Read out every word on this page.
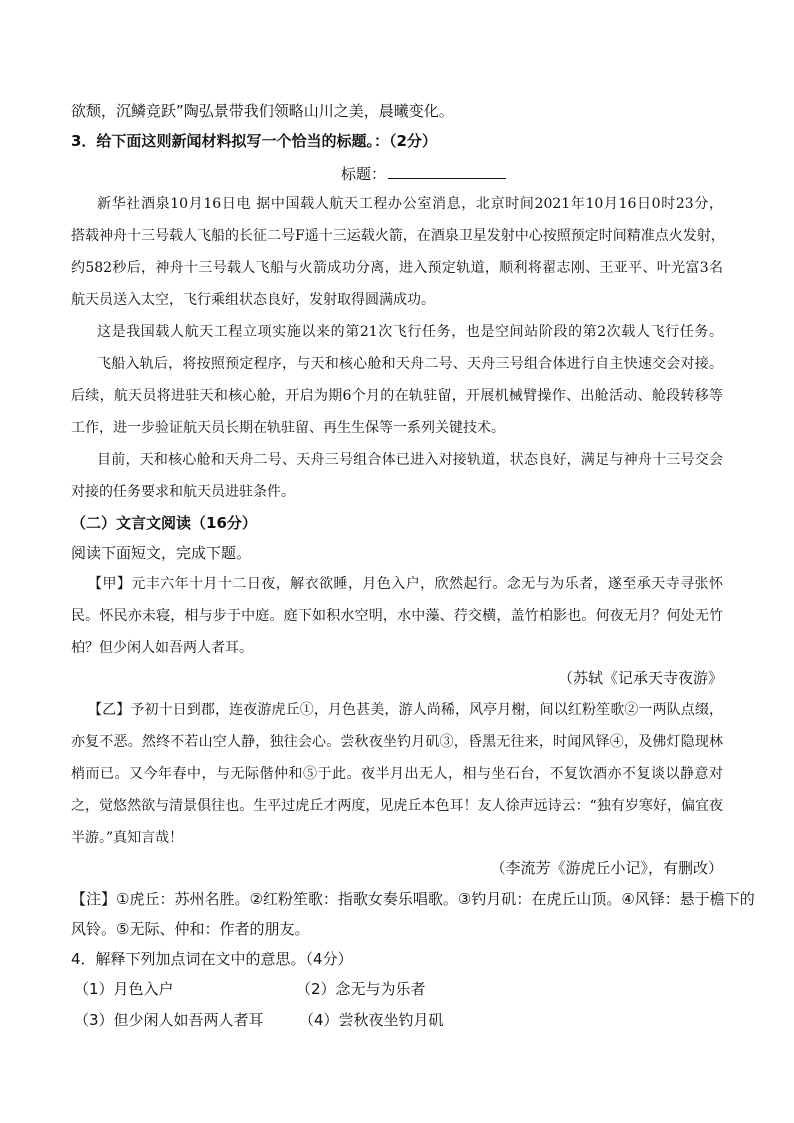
欲颓，沉鳞竞跃”陶弘景带我们领略山川之美，晨曦变化。
3．给下面这则新闻材料拟写一个恰当的标题。：（2分）
标题：
新华社酒泉10月16日电 据中国载人航天工程办公室消息，北京时间2021年10月16日0时23分，
搭载神舟十三号载人飞船的长征二号F遥十三运载火箭，在酒泉卫星发射中心按照预定时间精准点火发射，
约582秒后，神舟十三号载人飞船与火箭成功分离，进入预定轨道，顺利将翟志刚、王亚平、叶光富3名
航天员送入太空，飞行乘组状态良好，发射取得圆满成功。
这是我国载人航天工程立项实施以来的第21次飞行任务，也是空间站阶段的第2次载人飞行任务。
飞船入轨后，将按照预定程序，与天和核心舱和天舟二号、天舟三号组合体进行自主快速交会对接。
后续，航天员将进驻天和核心舱，开启为期6个月的在轨驻留，开展机械臂操作、出舱活动、舱段转移等
工作，进一步验证航天员长期在轨驻留、再生生保等一系列关键技术。
目前，天和核心舱和天舟二号、天舟三号组合体已进入对接轨道，状态良好，满足与神舟十三号交会
对接的任务要求和航天员进驻条件。
（二）文言文阅读（16分）
阅读下面短文，完成下题。
【甲】元丰六年十月十二日夜，解衣欲睡，月色入户，欣然起行。念无与为乐者，遂至承天寺寻张怀
民。怀民亦未寝，相与步于中庭。庭下如积水空明，水中藻、荇交横，盖竹柏影也。何夜无月？何处无竹
柏？但少闲人如吾两人者耳。
（苏轼《记承天寺夜游》
【乙】予初十日到郡，连夜游虎丘①，月色甚美，游人尚稀，风亭月榭，间以红粉笙歌②一两队点缀，
亦复不恶。然终不若山空人静，独往会心。尝秋夜坐钓月矶③，昏黑无往来，时闻风铎④，及佛灯隐现林
梢而已。又今年春中，与无际偕仲和⑤于此。夜半月出无人，相与坐石台，不复饮酒亦不复谈以静意对
之，觉悠然欲与清景俱往也。生平过虎丘才两度，见虎丘本色耳！友人徐声远诗云：“独有岁寒好，偏宜夜
半游。”真知言哉！
（李流芳《游虎丘小记》，有删改）
【注】①虎丘：苏州名胜。②红粉笙歌：指歌女奏乐唱歌。③钓月矶：在虎丘山顶。④风铎：悬于檐下的
风铃。⑤无际、仲和：作者的朋友。
4．解释下列加点词在文中的意思。（4分）
（1）月色入户	（2）念无与为乐者
（3）但少闲人如吾两人者耳 （4）尝秋夜坐钓月矶
